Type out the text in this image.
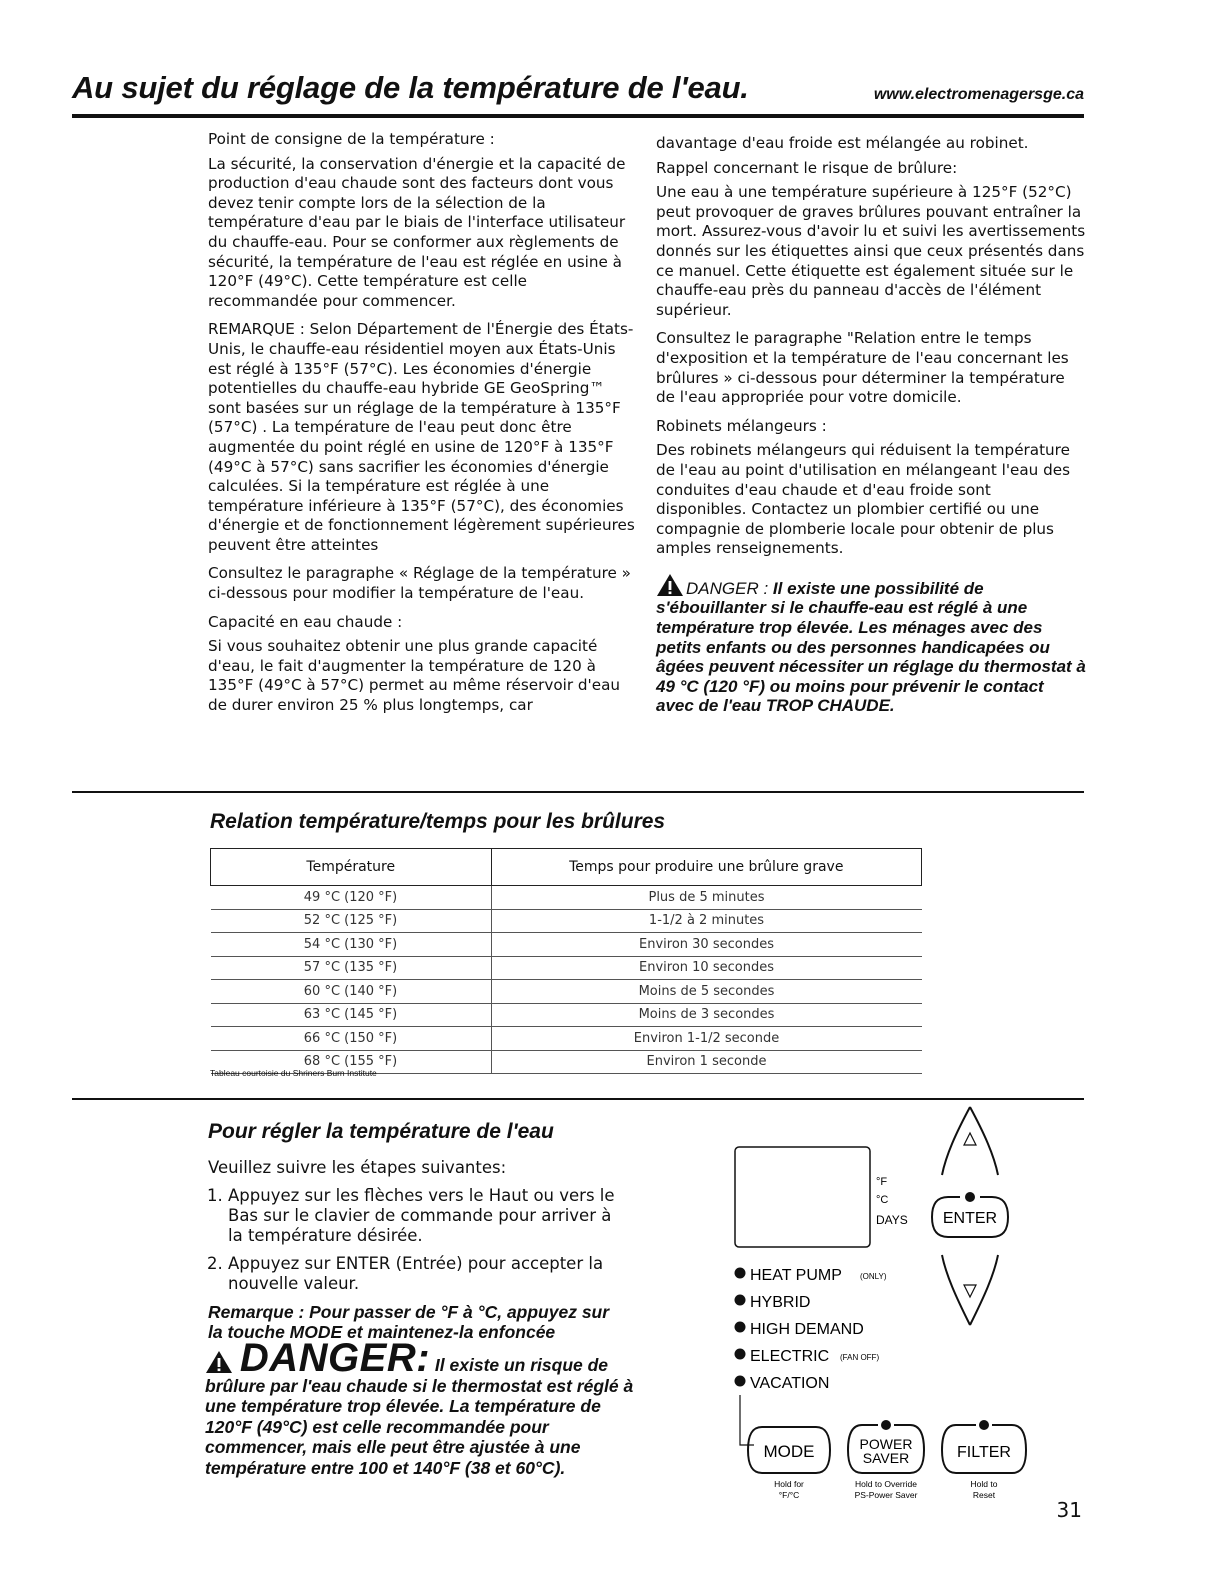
Au sujet du réglage de la température de l'eau.	www.electromenagersge.ca

Point de consigne de la température :

La sécurité, la conservation d'énergie et la capacité de production d'eau chaude sont des facteurs dont vous devez tenir compte lors de la sélection de la température d'eau par le biais de l'interface utilisateur du chauffe-eau. Pour se conformer aux règlements de sécurité, la température de l'eau est réglée en usine à 120°F (49°C). Cette température est celle recommandée pour commencer.

REMARQUE : Selon Département de l'Énergie des États-Unis, le chauffe-eau résidentiel moyen aux États-Unis est réglé à 135°F (57°C). Les économies d'énergie potentielles du chauffe-eau hybride GE GeoSpring™ sont basées sur un réglage de la température à 135°F (57°C) . La température de l'eau peut donc être augmentée du point réglé en usine de 120°F à 135°F (49°C à 57°C) sans sacrifier les économies d'énergie calculées. Si la température est réglée à une température inférieure à 135°F (57°C), des économies d'énergie et de fonctionnement légèrement supérieures peuvent être atteintes

Consultez le paragraphe « Réglage de la température » ci-dessous pour modifier la température de l'eau.

Capacité en eau chaude :

Si vous souhaitez obtenir une plus grande capacité d'eau, le fait d'augmenter la température de 120 à 135°F (49°C à 57°C) permet au même réservoir d'eau de durer environ 25 % plus longtemps, car

davantage d'eau froide est mélangée au robinet.

Rappel concernant le risque de brûlure:

Une eau à une température supérieure à 125°F (52°C) peut provoquer de graves brûlures pouvant entraîner la mort. Assurez-vous d'avoir lu et suivi les avertissements donnés sur les étiquettes ainsi que ceux présentés dans ce manuel. Cette étiquette est également située sur le chauffe-eau près du panneau d'accès de l'élément supérieur.

Consultez le paragraphe "Relation entre le temps d'exposition et la température de l'eau concernant les brûlures » ci-dessous pour déterminer la température de l'eau appropriée pour votre domicile.

Robinets mélangeurs :

Des robinets mélangeurs qui réduisent la température de l'eau au point d'utilisation en mélangeant l'eau des conduites d'eau chaude et d'eau froide sont disponibles. Contactez un plombier certifié ou une compagnie de plomberie locale pour obtenir de plus amples renseignements.

DANGER : Il existe une possibilité de s'ébouillanter si le chauffe-eau est réglé à une température trop élevée. Les ménages avec des petits enfants ou des personnes handicapées ou âgées peuvent nécessiter un réglage du thermostat à 49 °C (120 °F) ou moins pour prévenir le contact avec de l'eau TROP CHAUDE.
Relation température/temps pour les brûlures
Température	Temps pour produire une brûlure grave
49 °C (120 °F)	Plus de 5 minutes
52 °C (125 °F)	1-1/2 à 2 minutes
54 °C (130 °F)	Environ 30 secondes
57 °C (135 °F)	Environ 10 secondes
60 °C (140 °F)	Moins de 5 secondes
63 °C (145 °F)	Moins de 3 secondes
66 °C (150 °F)	Environ 1-1/2 seconde
68 °C (155 °F)	Environ 1 seconde
Tableau courtoisie du Shriners Burn Institute
Pour régler la température de l'eau
Veuillez suivre les étapes suivantes:
1. Appuyez sur les flèches vers le Haut ou vers le Bas sur le clavier de commande pour arriver à la température désirée.
2. Appuyez sur ENTER (Entrée) pour accepter la nouvelle valeur.
Remarque : Pour passer de °F à °C, appuyez sur la touche MODE et maintenez-la enfoncée
DANGER: Il existe un risque de brûlure par l'eau chaude si le thermostat est réglé à une température trop élevée. La température de 120°F (49°C) est celle recommandée pour commencer, mais elle peut être ajustée à une température entre 100 et 140°F (38 et 60°C).
°F
°C
DAYS ENTER
HEAT PUMP (ONLY)
HYBRID
HIGH DEMAND
ELECTRIC (FAN OFF)
VACATION
MODE
Hold for
°F/°C
POWER
SAVER
Hold to Override
PS-Power Saver
FILTER
Hold to
Reset
31
